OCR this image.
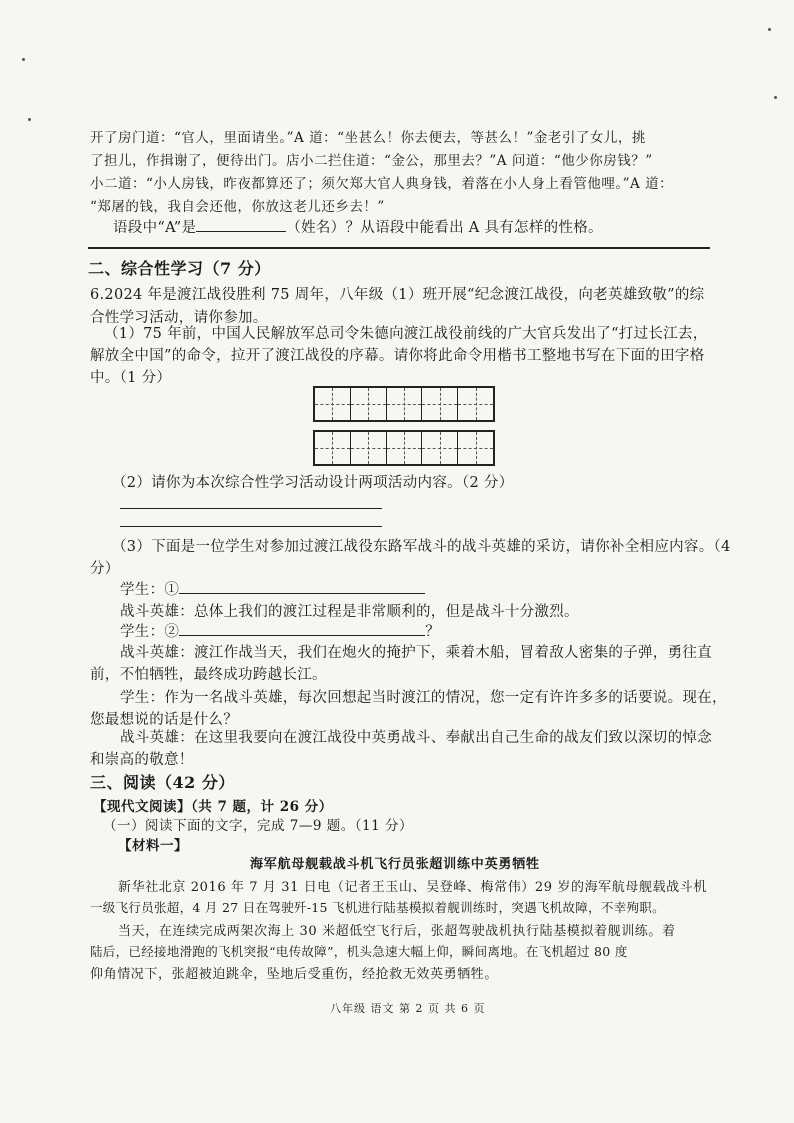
开了房门道：“官人，里面请坐。”A 道：“坐甚么！你去便去，等甚么！”金老引了女儿，挑
了担儿，作揖谢了，便待出门。店小二拦住道：“金公，那里去？”A 问道：“他少你房钱？”
小二道：“小人房钱，昨夜都算还了；须欠郑大官人典身钱，着落在小人身上看管他哩。”A 道：
“郑屠的钱，我自会还他，你放这老儿还乡去！”
语段中“A”是	（姓名）？从语段中能看出 A 具有怎样的性格。
二、综合性学习（7 分）
6.2024 年是渡江战役胜利 75 周年，八年级（1）班开展“纪念渡江战役，向老英雄致敬”的综
合性学习活动，请你参加。
（1）75 年前，中国人民解放军总司令朱德向渡江战役前线的广大官兵发出了“打过长江去，
解放全中国”的命令，拉开了渡江战役的序幕。请你将此命令用楷书工整地书写在下面的田字格
中。（1 分）
（2）请你为本次综合性学习活动设计两项活动内容。（2 分）
（3）下面是一位学生对参加过渡江战役东路军战斗的战斗英雄的采访，请你补全相应内容。（4
分）
学生：①
战斗英雄：总体上我们的渡江过程是非常顺利的，但是战斗十分激烈。
学生：②	？
战斗英雄：渡江作战当天，我们在炮火的掩护下，乘着木船，冒着敌人密集的子弹，勇往直
前，不怕牺牲，最终成功跨越长江。
学生：作为一名战斗英雄，每次回想起当时渡江的情况，您一定有许许多多的话要说。现在，
您最想说的话是什么？
战斗英雄：在这里我要向在渡江战役中英勇战斗、奉献出自己生命的战友们致以深切的悼念
和崇高的敬意！
三、阅读（42 分）
【现代文阅读】（共 7 题，计 26 分）
（一）阅读下面的文字，完成 7—9 题。（11 分）
【材料一】
海军航母舰载战斗机飞行员张超训练中英勇牺牲
新华社北京 2016 年 7 月 31 日电（记者王玉山、吴登峰、梅常伟）29 岁的海军航母舰载战斗机
一级飞行员张超，4 月 27 日在驾驶歼-15 飞机进行陆基模拟着舰训练时，突遇飞机故障，不幸殉职。
当天，在连续完成两架次海上 30 米超低空飞行后，张超驾驶战机执行陆基模拟着舰训练。着
陆后，已经接地滑跑的飞机突报“电传故障”，机头急速大幅上仰，瞬间离地。在飞机超过 80 度
仰角情况下，张超被迫跳伞，坠地后受重伤，经抢救无效英勇牺牲。
八年级 语文 第 2 页 共 6 页
